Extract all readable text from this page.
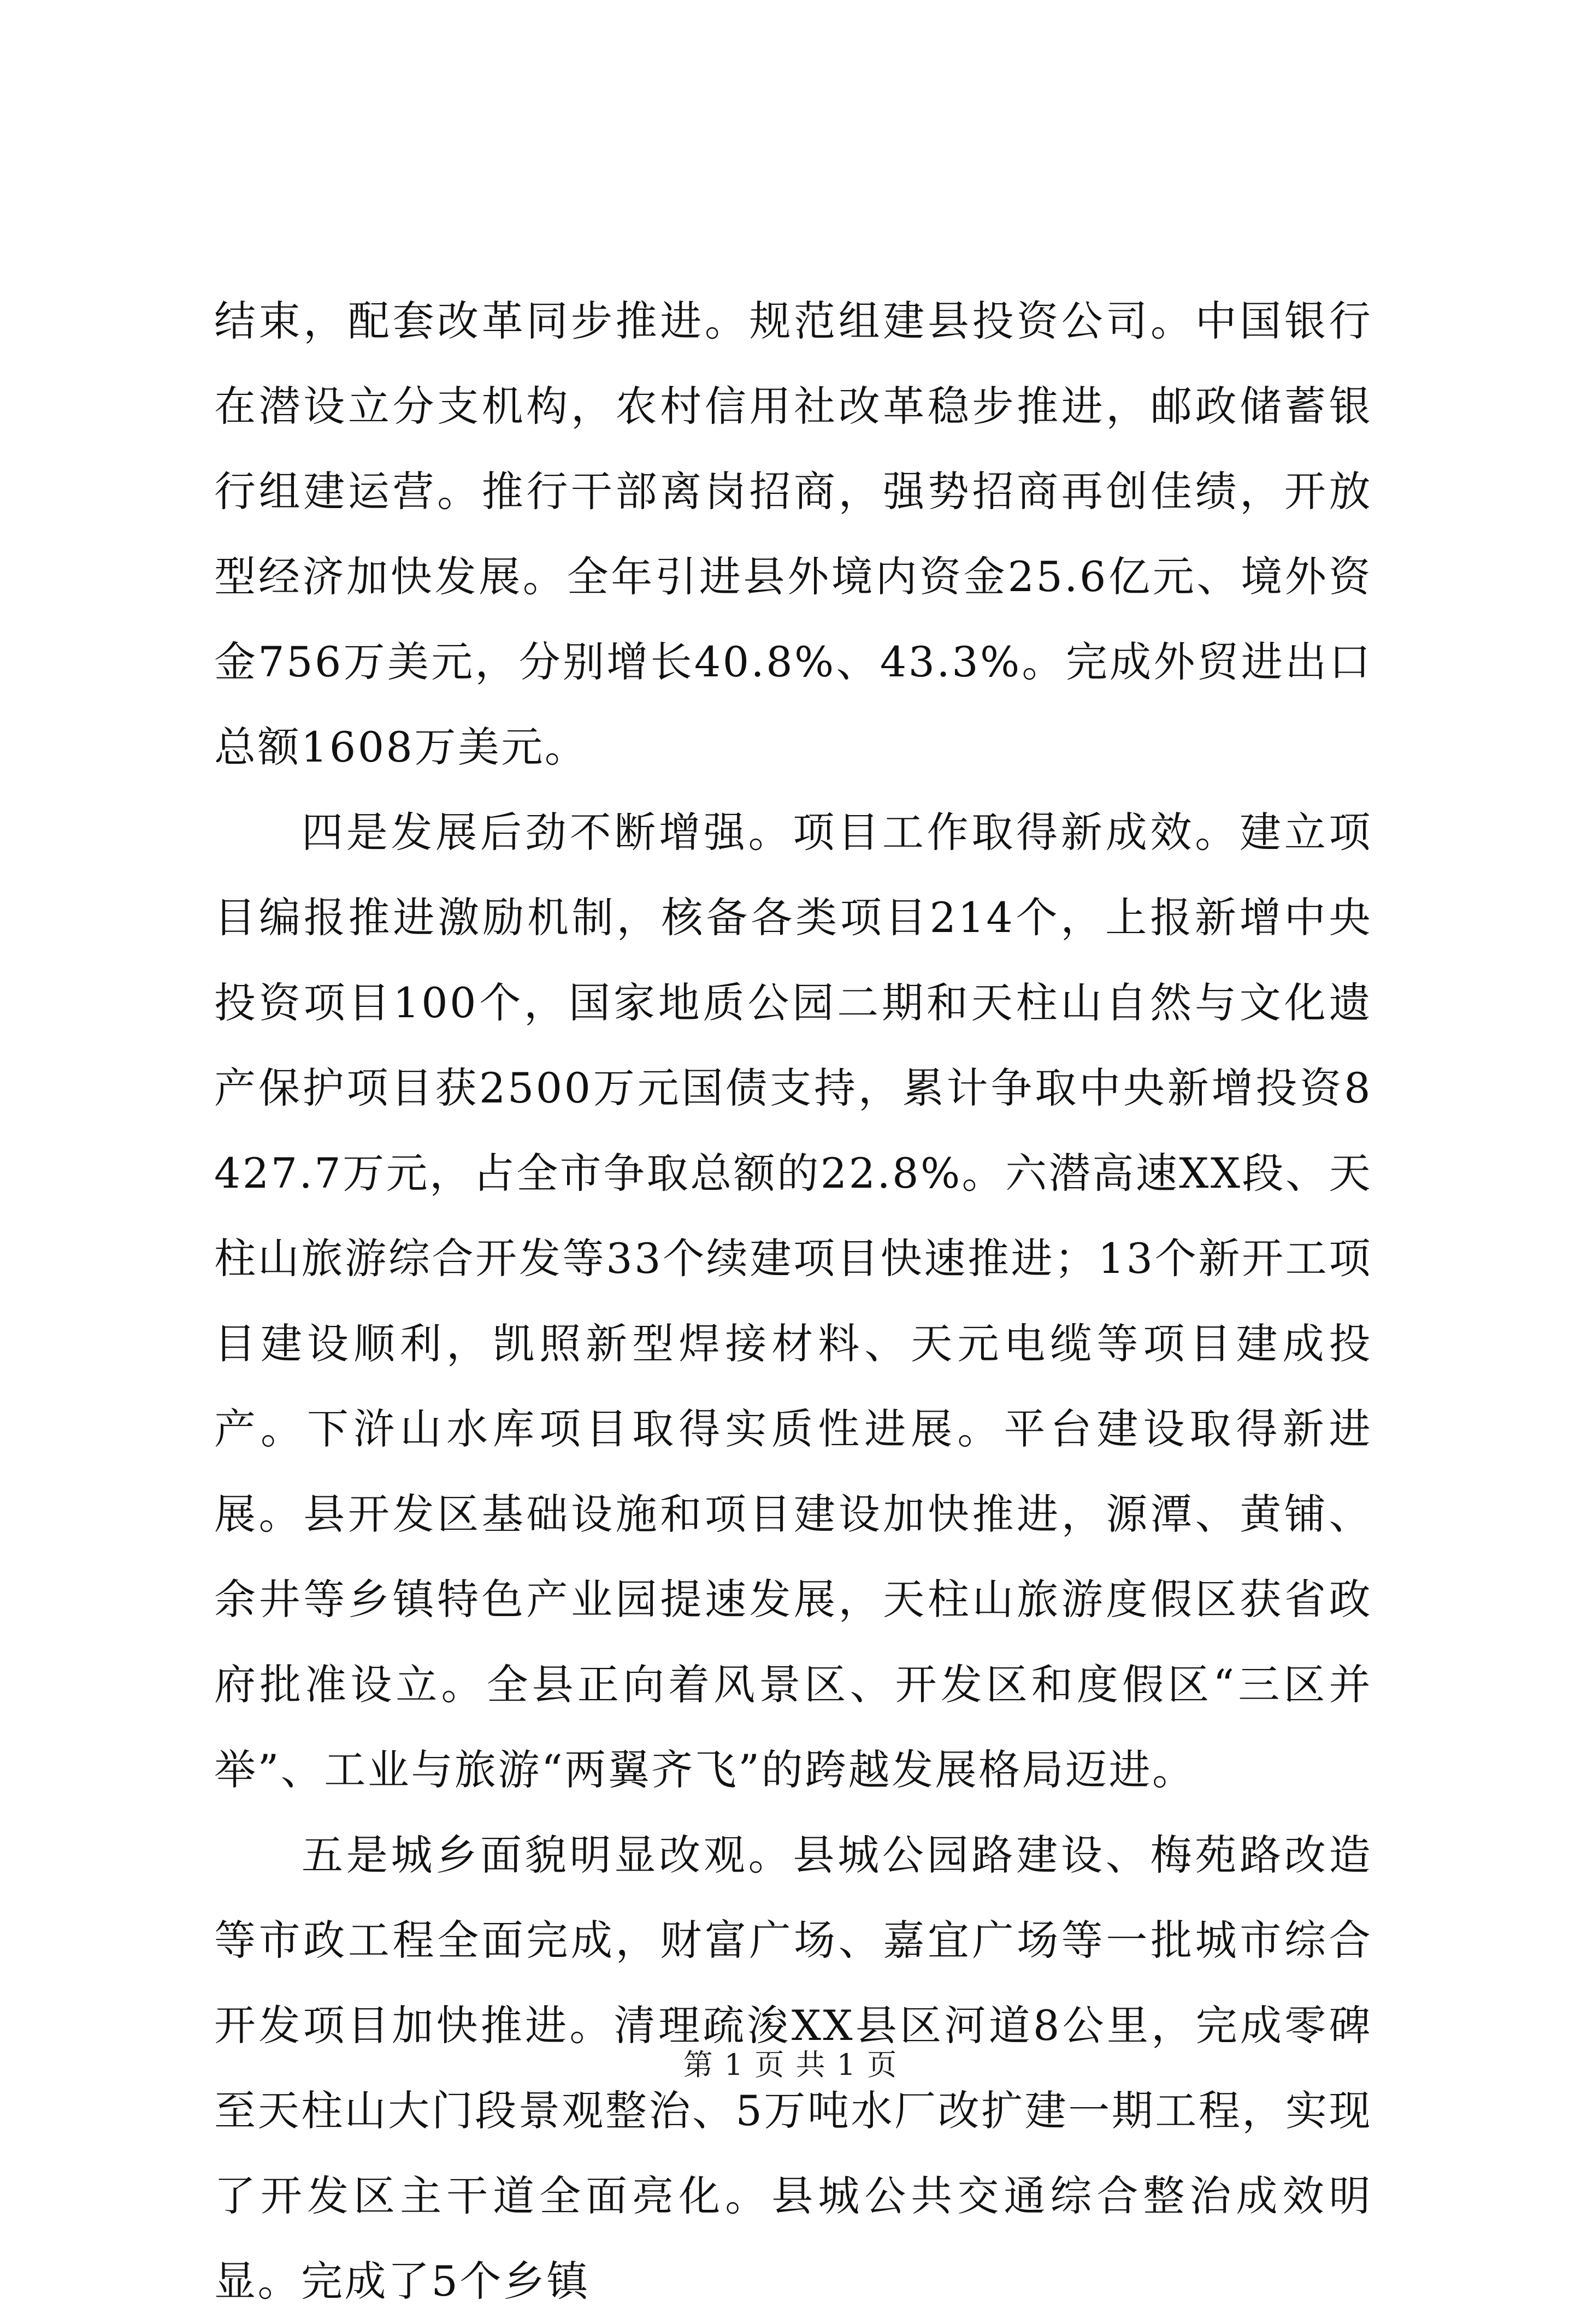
结束，配套改革同步推进。规范组建县投资公司。中国银行在潜设立分支机构，农村信用社改革稳步推进，邮政储蓄银行组建运营。推行干部离岗招商，强势招商再创佳绩，开放型经济加快发展。全年引进县外境内资金25.6亿元、境外资金756万美元，分别增长40.8%、43.3%。完成外贸进出口总额1608万美元。

四是发展后劲不断增强。项目工作取得新成效。建立项目编报推进激励机制，核备各类项目214个，上报新增中央投资项目100个，国家地质公园二期和天柱山自然与文化遗产保护项目获2500万元国债支持，累计争取中央新增投资8427.7万元，占全市争取总额的22.8%。六潜高速XX段、天柱山旅游综合开发等33个续建项目快速推进；13个新开工项目建设顺利，凯照新型焊接材料、天元电缆等项目建成投产。下浒山水库项目取得实质性进展。平台建设取得新进展。县开发区基础设施和项目建设加快推进，源潭、黄铺、余井等乡镇特色产业园提速发展，天柱山旅游度假区获省政府批准设立。全县正向着风景区、开发区和度假区“三区并举”、工业与旅游“两翼齐飞”的跨越发展格局迈进。

五是城乡面貌明显改观。县城公园路建设、梅苑路改造等市政工程全面完成，财富广场、嘉宜广场等一批城市综合开发项目加快推进。清理疏浚XX县区河道8公里，完成零碑至天柱山大门段景观整治、5万吨水厂改扩建一期工程，实现了开发区主干道全面亮化。县城公共交通综合整治成效明显。完成了5个乡镇

第 1 页 共 1 页
